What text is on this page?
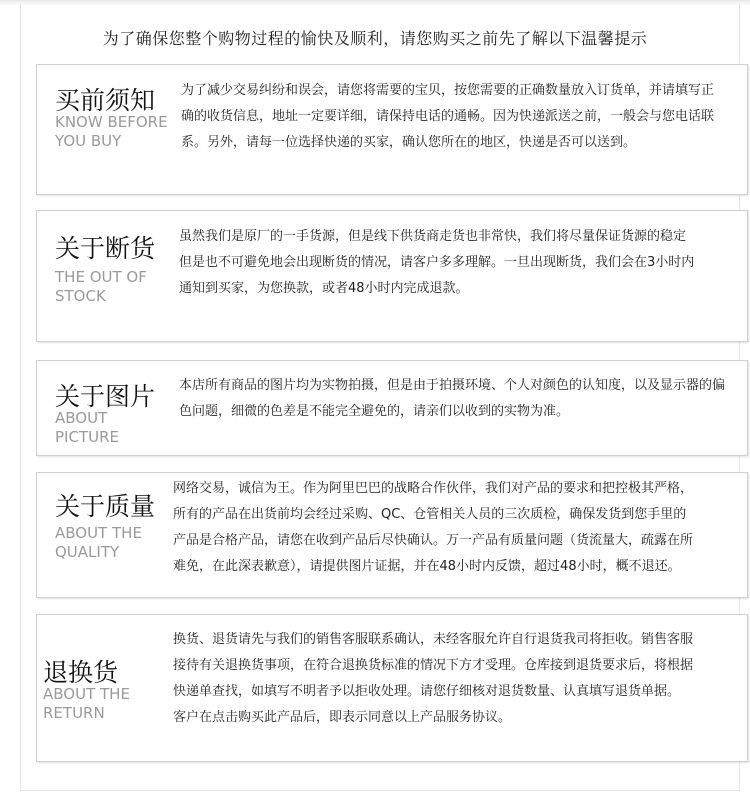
为了确保您整个购物过程的愉快及顺利，请您购买之前先了解以下温馨提示
买前须知
KNOW BEFORE
YOU BUY

为了减少交易纠纷和误会，请您将需要的宝贝，按您需要的正确数量放入订货单，并请填写正

确的收货信息，地址一定要详细，请保持电话的通畅。因为快递派送之前，一般会与您电话联

系。另外，请每一位选择快递的买家，确认您所在的地区，快递是否可以送到。

关于断货
THE OUT OF
STOCK

虽然我们是原厂的一手货源，但是线下供货商走货也非常快，我们将尽量保证货源的稳定

但是也不可避免地会出现断货的情况，请客户多多理解。一旦出现断货，我们会在3小时内

通知到买家，为您换款，或者48小时内完成退款。

关于图片
ABOUT
PICTURE

本店所有商品的图片均为实物拍摄，但是由于拍摄环境、个人对颜色的认知度，以及显示器的偏

色问题，细微的色差是不能完全避免的，请亲们以收到的实物为准。

关于质量
ABOUT THE
QUALITY

网络交易，诚信为王。作为阿里巴巴的战略合作伙伴，我们对产品的要求和把控极其严格，

所有的产品在出货前均会经过采购、QC、仓管相关人员的三次质检，确保发货到您手里的

产品是合格产品，请您在收到产品后尽快确认。万一产品有质量问题（货流量大，疏露在所

难免，在此深表歉意），请提供图片证据，并在48小时内反馈，超过48小时，概不退还。

退换货
ABOUT THE
RETURN

换货、退货请先与我们的销售客服联系确认，未经客服允许自行退货我司将拒收。销售客服

接待有关退换货事项，在符合退换货标准的情况下方才受理。仓库接到退货要求后，将根据

快递单查找，如填写不明者予以拒收处理。请您仔细核对退货数量、认真填写退货单据。

客户在点击购买此产品后，即表示同意以上产品服务协议。
